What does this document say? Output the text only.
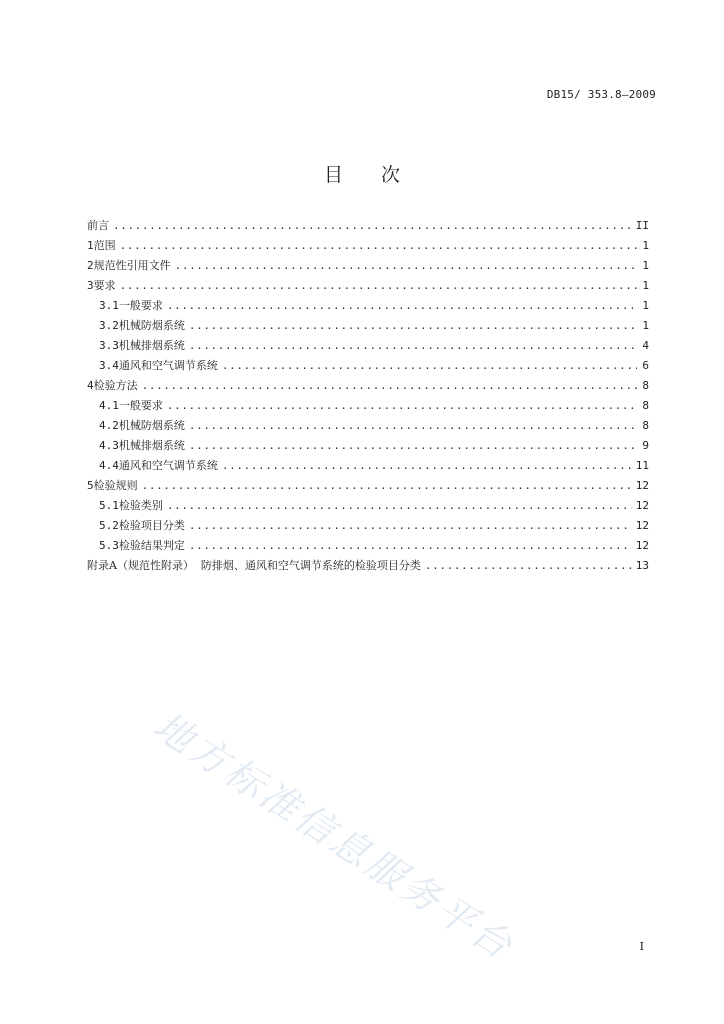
DB15/ 353.8—2009
目 次
前言 .....	II
1 范围 .....	1
2 规范性引用文件 .....	1
3 要求 .....	1
3.1 一般要求 .....	1
3.2 机械防烟系统 .....	1
3.3 机械排烟系统 .....	4
3.4 通风和空气调节系统 .....	6
4 检验方法 .....	8
4.1 一般要求 .....	8
4.2 机械防烟系统 .....	8
4.3 机械排烟系统 .....	9
4.4 通风和空气调节系统 .....	11
5 检验规则 .....	12
5.1 检验类别 .....	12
5.2 检验项目分类 .....	12
5.3 检验结果判定 .....	12
附录A（规范性附录）  防排烟、通风和空气调节系统的检验项目分类 .....	13
地方标准信息服务平台	I
